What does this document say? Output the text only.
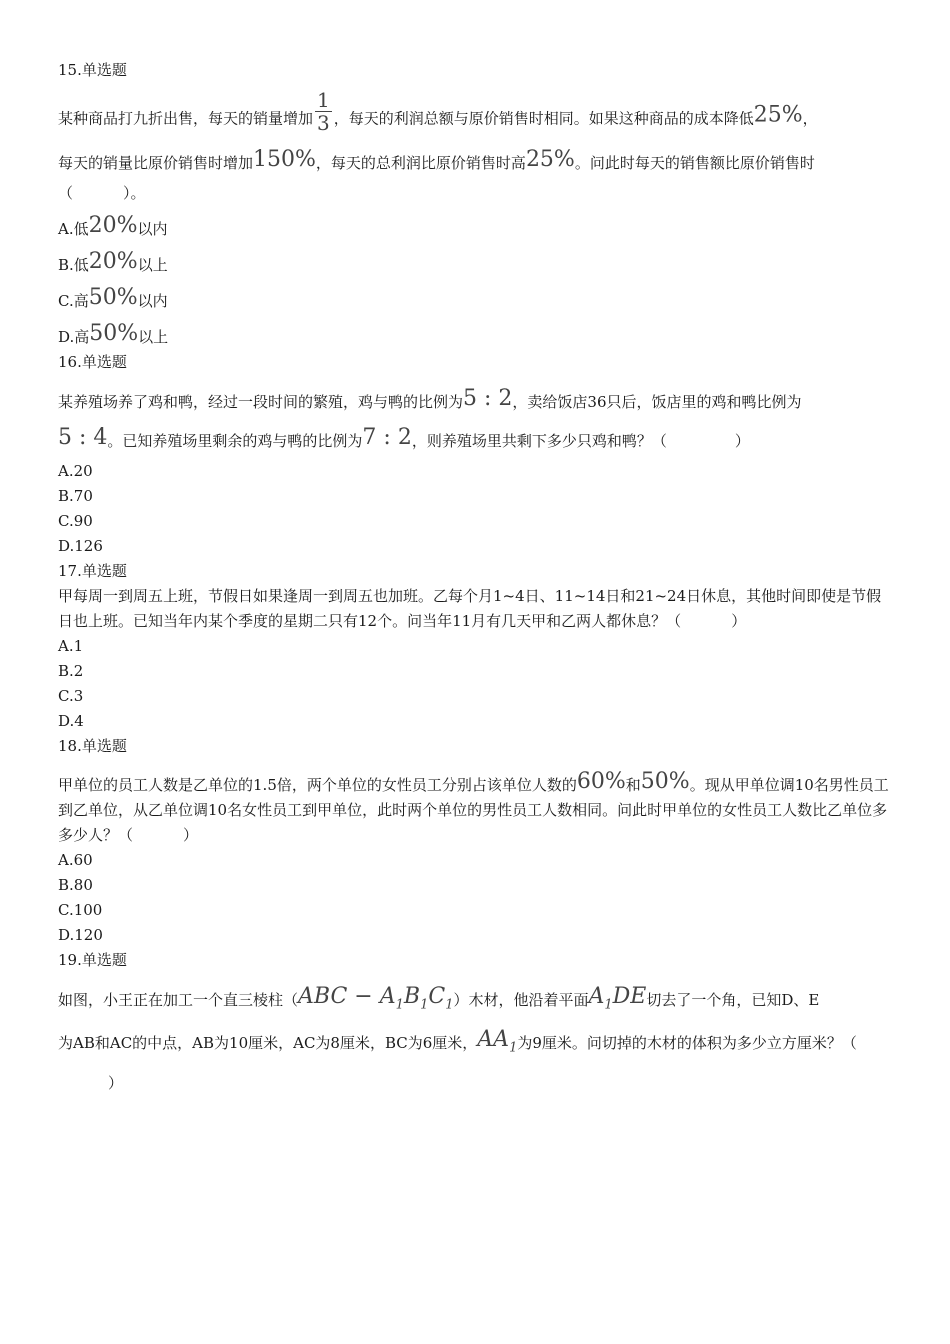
15.单选题
某种商品打九折出售，每天的销量增加 $\frac{1}{3}$ ，每天的利润总额与原价销售时相同。如果这种商品的成本降低25%，
每天的销量比原价销售时增加150%，每天的总利润比原价销售时高25%。问此时每天的销售额比原价销售时
（	）。
A.低20%以内
B.低20%以上
C.高50%以内
D.高50%以上
16.单选题
某养殖场养了鸡和鸭，经过一段时间的繁殖，鸡与鸭的比例为5 : 2，卖给饭店36只后，饭店里的鸡和鸭比例为
5 : 4。已知养殖场里剩余的鸡与鸭的比例为7 : 2，则养殖场里共剩下多少只鸡和鸭？（	）
A.20
B.70
C.90
D.126
17.单选题
甲每周一到周五上班，节假日如果逢周一到周五也加班。乙每个月1~4日、11~14日和21~24日休息，其他时间即使是节假日也上班。已知当年内某个季度的星期二只有12个。问当年11月有几天甲和乙两人都休息？（	）
A.1
B.2
C.3
D.4
18.单选题
甲单位的员工人数是乙单位的1.5倍，两个单位的女性员工分别占该单位人数的60%和50%。现从甲单位调10名男性员工到乙单位，从乙单位调10名女性员工到甲单位，此时两个单位的男性员工人数相同。问此时甲单位的女性员工人数比乙单位多多少人？（	）
A.60
B.80
C.100
D.120
19.单选题
如图，小王正在加工一个直三棱柱$(ABC - A_1B_1C_1)$木材，他沿着平面$A_1DE$切去了一个角，已知D、E
为AB和AC的中点，AB为10厘米，AC为8厘米，BC为6厘米，$AA_1$为9厘米。问切掉的木材的体积为多少立方厘米？（）
